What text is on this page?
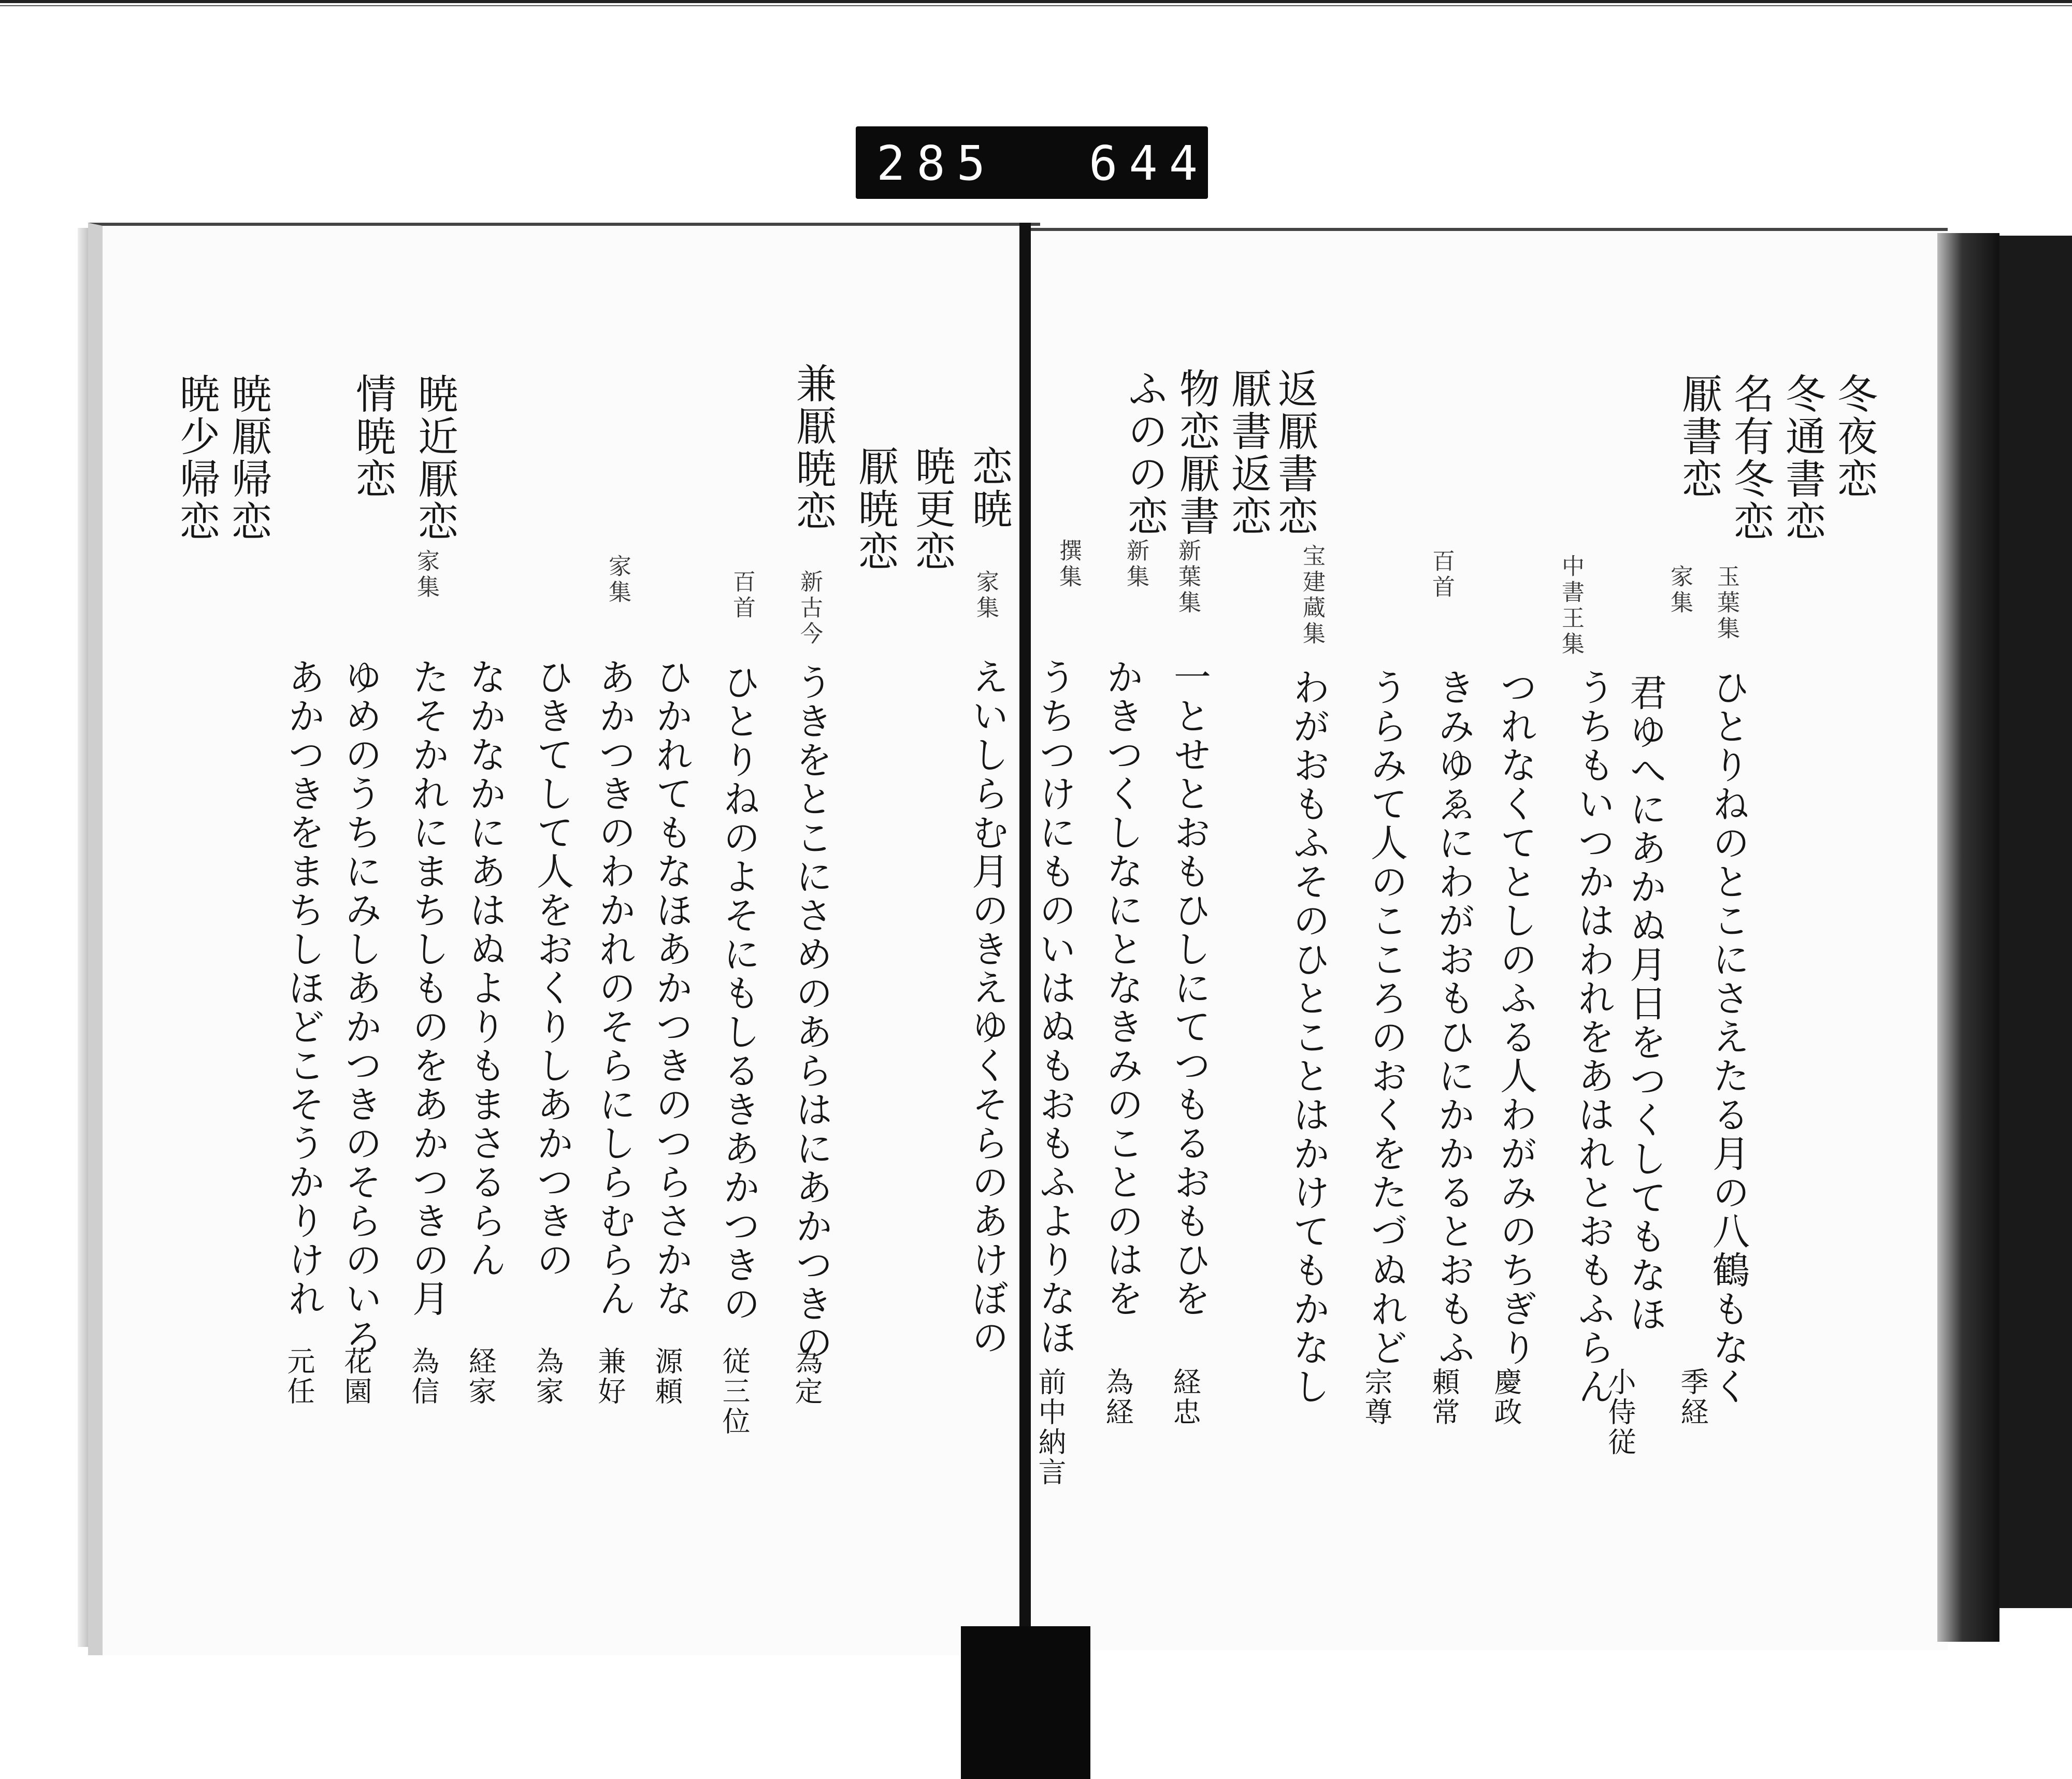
285 644.
冬夜恋
冬通書恋
名有冬恋
厭書恋
返厭書恋
厭書返恋
物恋厭書
ふのの恋
玉葉集
家集
中書王集
百首
宝建蔵集
新葉集
新集
撰集
ひとりねのとこにさえたる月の八鶴もなく
君ゆへにあかぬ月日をつくしてもなほ
うちもいつかはわれをあはれとおもふらん
つれなくてとしのふる人わがみのちぎり
きみゆゑにわがおもひにかかるとおもふ
うらみて人のこころのおくをたづぬれど
わがおもふそのひとことはかけてもかなし
一とせとおもひしにてつもるおもひを
かきつくしなにとなきみのことのはを
うちつけにものいはぬもおもふよりなほ
季経
小侍従
慶政
頼常
宗尊
経忠
為経
前中納言
恋暁
暁更恋
厭暁恋
兼厭暁恋
暁近厭恋
情暁恋
暁厭帰恋
暁少帰恋
家集
新古今
百首
家集
家集
えいしらむ月のきえゆくそらのあけぼの
うきをとこにさめのあらはにあかつきの
ひとりねのよそにもしるきあかつきの
ひかれてもなほあかつきのつらさかな
あかつきのわかれのそらにしらむらん
ひきてして人をおくりしあかつきの
なかなかにあはぬよりもまさるらん
たそかれにまちしものをあかつきの月
ゆめのうちにみしあかつきのそらのいろ
あかつきをまちしほどこそうかりけれ
為定
従三位
源頼
兼好
為家
経家
為信
花園
元任
